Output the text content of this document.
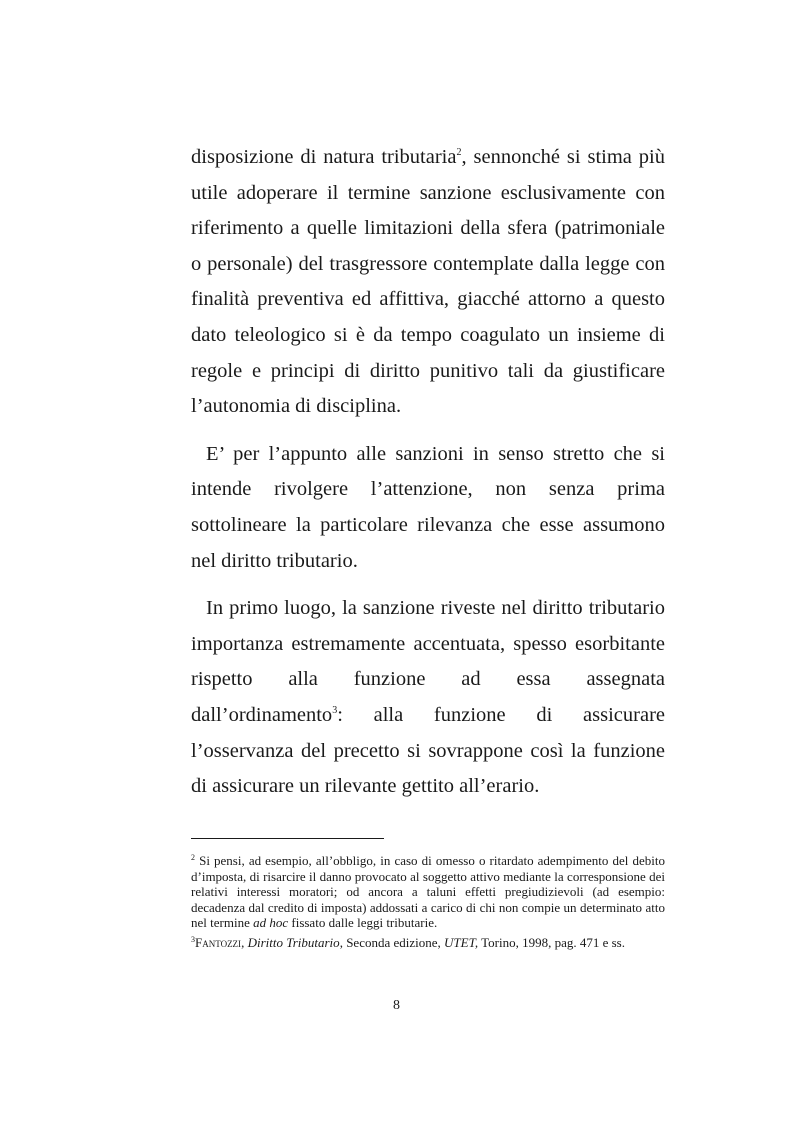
disposizione di natura tributaria$^2$, sennonché si stima più utile adoperare il termine sanzione esclusivamente con riferimento a quelle limitazioni della sfera (patrimoniale o personale) del trasgressore contemplate dalla legge con finalità preventiva ed affittiva, giacché attorno a questo dato teleologico si è da tempo coagulato un insieme di regole e principi di diritto punitivo tali da giustificare l’autonomia di disciplina.

E’ per l’appunto alle sanzioni in senso stretto che si intende rivolgere l’attenzione, non senza prima sottolineare la particolare rilevanza che esse assumono nel diritto tributario.

In primo luogo, la sanzione riveste nel diritto tributario importanza estremamente accentuata, spesso esorbitante rispetto alla funzione ad essa assegnata dall’ordinamento$^3$: alla funzione di assicurare l’osservanza del precetto si sovrappone così la funzione di assicurare un rilevante gettito all’erario.

$^2$ Si pensi, ad esempio, all’obbligo, in caso di omesso o ritardato adempimento del debito d’imposta, di risarcire il danno provocato al soggetto attivo mediante la corresponsione dei relativi interessi moratori; od ancora a taluni effetti pregiudizievoli (ad esempio: decadenza dal credito di imposta) addossati a carico di chi non compie un determinato atto nel termine ad hoc fissato dalle leggi tributarie.

$^3$Fantozzi, Diritto Tributario, Seconda edizione, UTET, Torino, 1998, pag. 471 e ss.

8
